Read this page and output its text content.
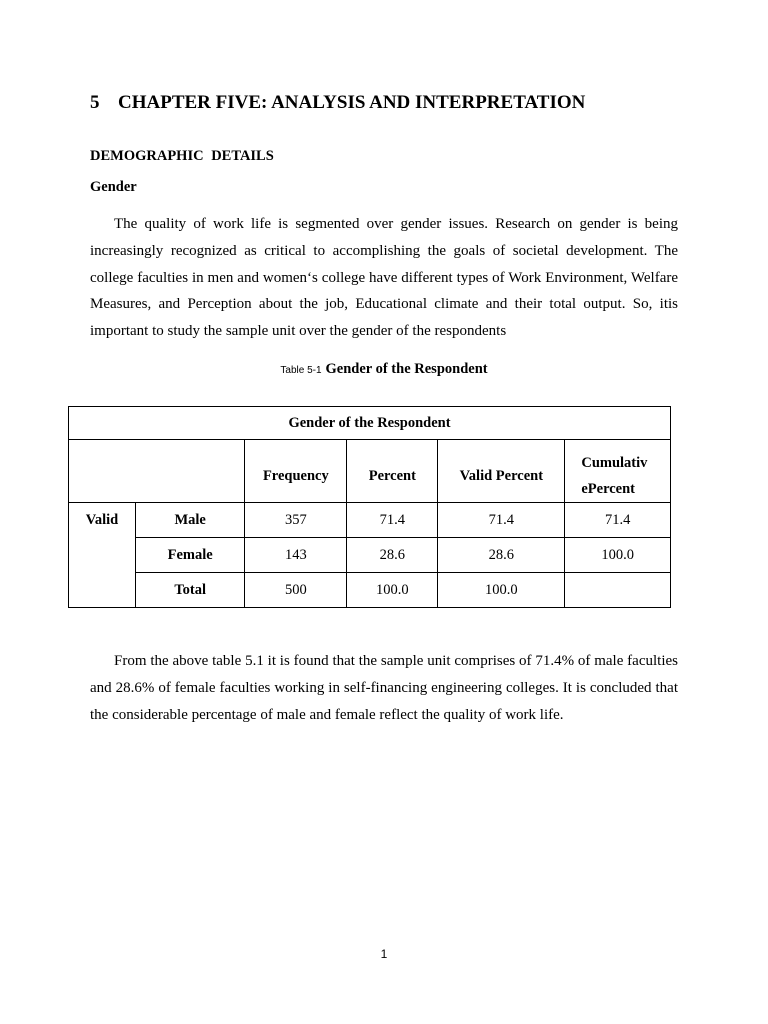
5 CHAPTER FIVE: ANALYSIS AND INTERPRETATION
DEMOGRAPHIC DETAILS
Gender

The quality of work life is segmented over gender issues. Research on gender is being increasingly recognized as critical to accomplishing the goals of societal development. The college faculties in men and women‘s college have different types of Work Environment, Welfare Measures, and Perception about the job, Educational climate and their total output. So, itis important to study the sample unit over the gender of the respondents

Table 5-1 Gender of the Respondent

Gender of the Respondent					

		Frequency	Percent	Valid Percent	Cumulativ
ePercent

Valid	Male	357	71.4	71.4	71.4
	Female	143	28.6	28.6	100.0
	Total	500	100.0	100.0	

From the above table 5.1 it is found that the sample unit comprises of 71.4% of male faculties and 28.6% of female faculties working in self-financing engineering colleges. It is concluded that the considerable percentage of male and female reflect the quality of work life.

1
